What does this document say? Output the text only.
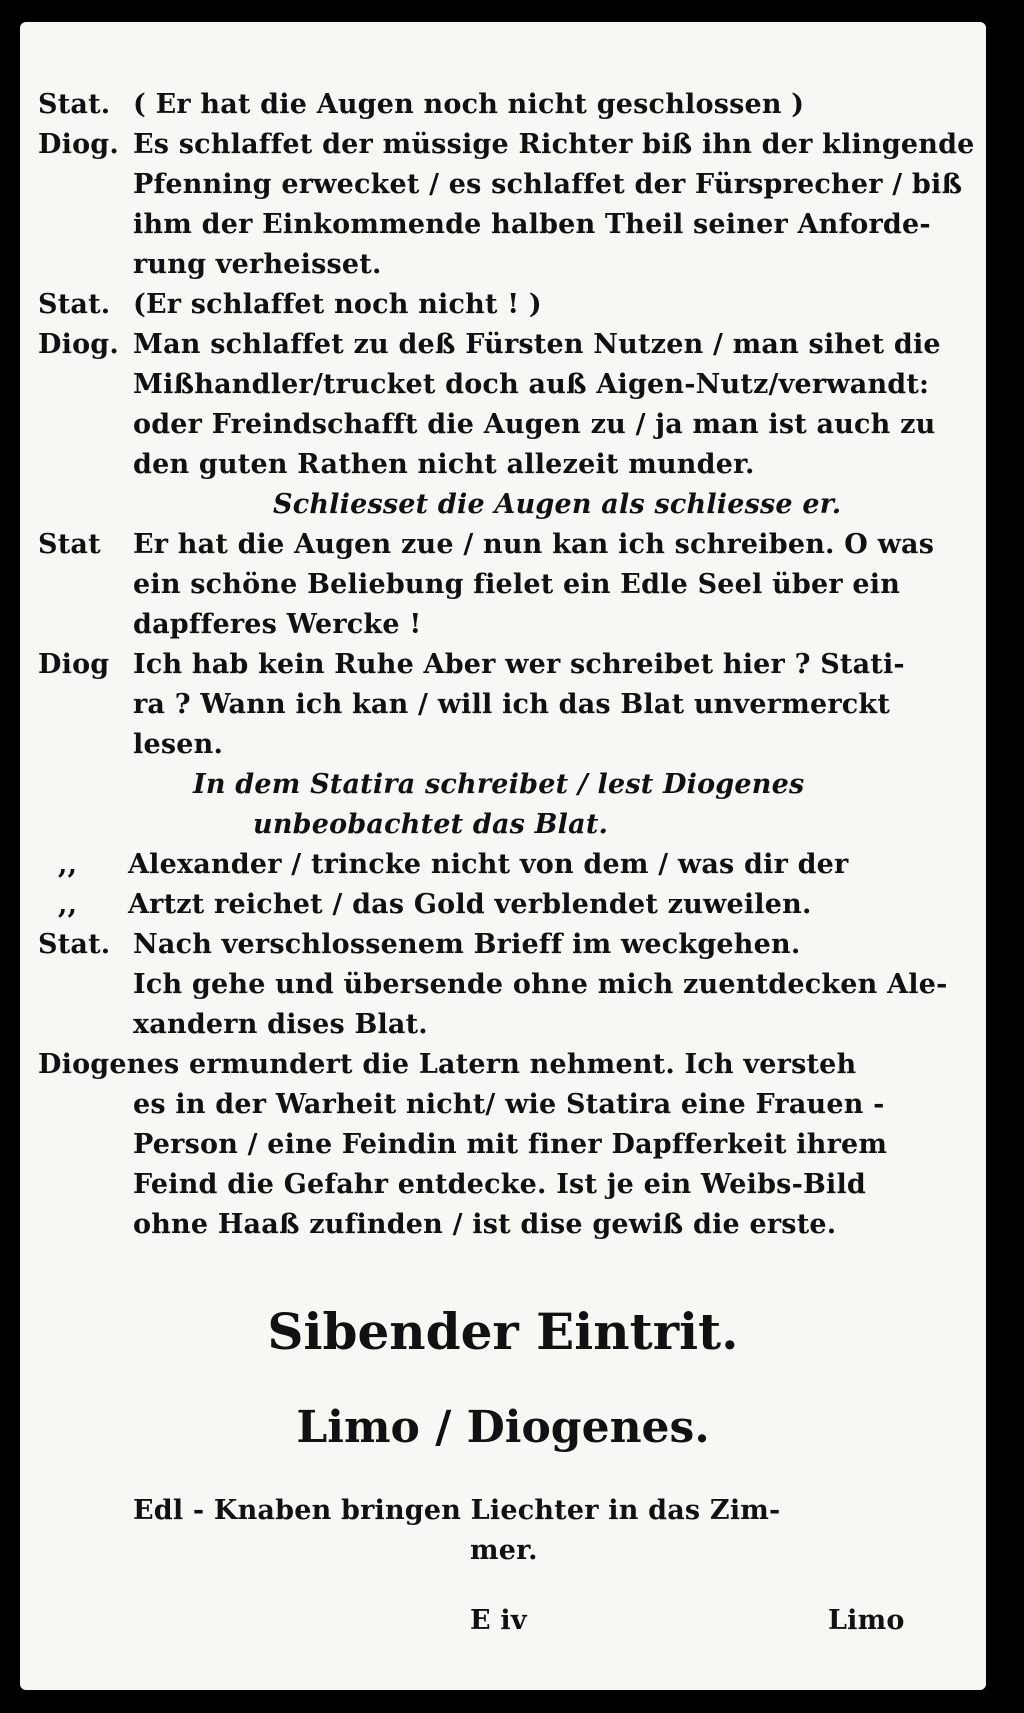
Stat. ( Er hat die Augen noch nicht geschlossen )
Diog. Es schlaffet der müssige Richter biß ihn der klingende
Pfenning erwecket / es schlaffet der Fürsprecher / biß
ihm der Einkommende halben Theil seiner Anforde-
rung verheisset.
Stat. (Er schlaffet noch nicht ! )
Diog. Man schlaffet zu deß Fürsten Nutzen / man sihet die
Mißhandler/trucket doch auß Aigen-Nutz/verwandt:
oder Freindschafft die Augen zu / ja man ist auch zu
den guten Rathen nicht allezeit munder.
Schliesset die Augen als schliesse er.
Stat Er hat die Augen zue / nun kan ich schreiben. O was
ein schöne Beliebung fielet ein Edle Seel über ein
dapfferes Wercke !
Diog Ich hab kein Ruhe Aber wer schreibet hier ? Stati-
ra ? Wann ich kan / will ich das Blat unvermerckt
lesen.
In dem Statira schreibet / lest Diogenes
unbeobachtet das Blat.
,, Alexander / trincke nicht von dem / was dir der
,, Artzt reichet / das Gold verblendet zuweilen.
Stat. Nach verschlossenem Brieff im weckgehen.
Ich gehe und übersende ohne mich zuentdecken Ale-
xandern dises Blat.
Diogenes ermundert die Latern nehment. Ich versteh
es in der Warheit nicht/ wie Statira eine Frauen -
Person / eine Feindin mit finer Dapfferkeit ihrem
Feind die Gefahr entdecke. Ist je ein Weibs-Bild
ohne Haaß zufinden / ist dise gewiß die erste.
Sibender Eintrit.
Limo / Diogenes.
Edl - Knaben bringen Liechter in das Zim-
mer.
E iv	Limo
